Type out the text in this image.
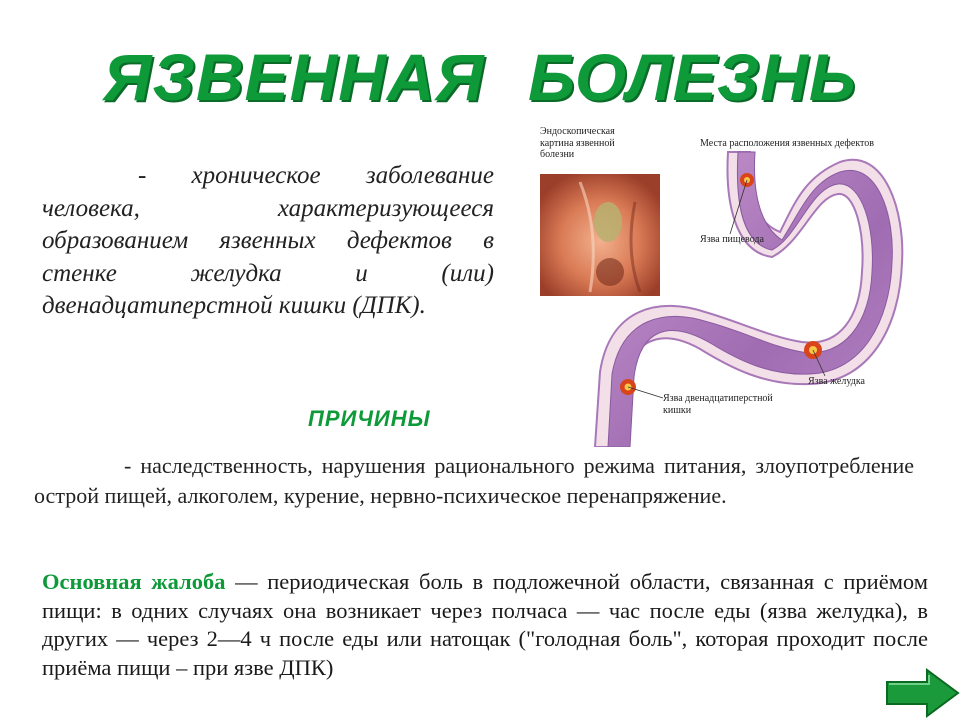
ЯЗВЕННАЯ БОЛЕЗНЬ
- хроническое заболевание человека, характеризующееся образованием язвенных дефектов в стенке желудка и (или) двенадцатиперстной кишки (ДПК).
Эндоскопическая картина язвенной болезни
Места расположения язвенных дефектов
Язва пищевода
Язва желудка
Язва двенадцатиперстной кишки
ПРИЧИНЫ
- наследственность, нарушения рационального режима питания, злоупотребление острой пищей, алкоголем, курение, нервно-психическое перенапряжение.
Основная жалоба — периодическая боль в подложечной области, связанная с приёмом пищи: в одних случаях она возникает через полчаса — час после еды (язва желудка), в других — через 2—4 ч после еды или натощак ("голодная боль", которая проходит после приёма пищи – при язве ДПК)
